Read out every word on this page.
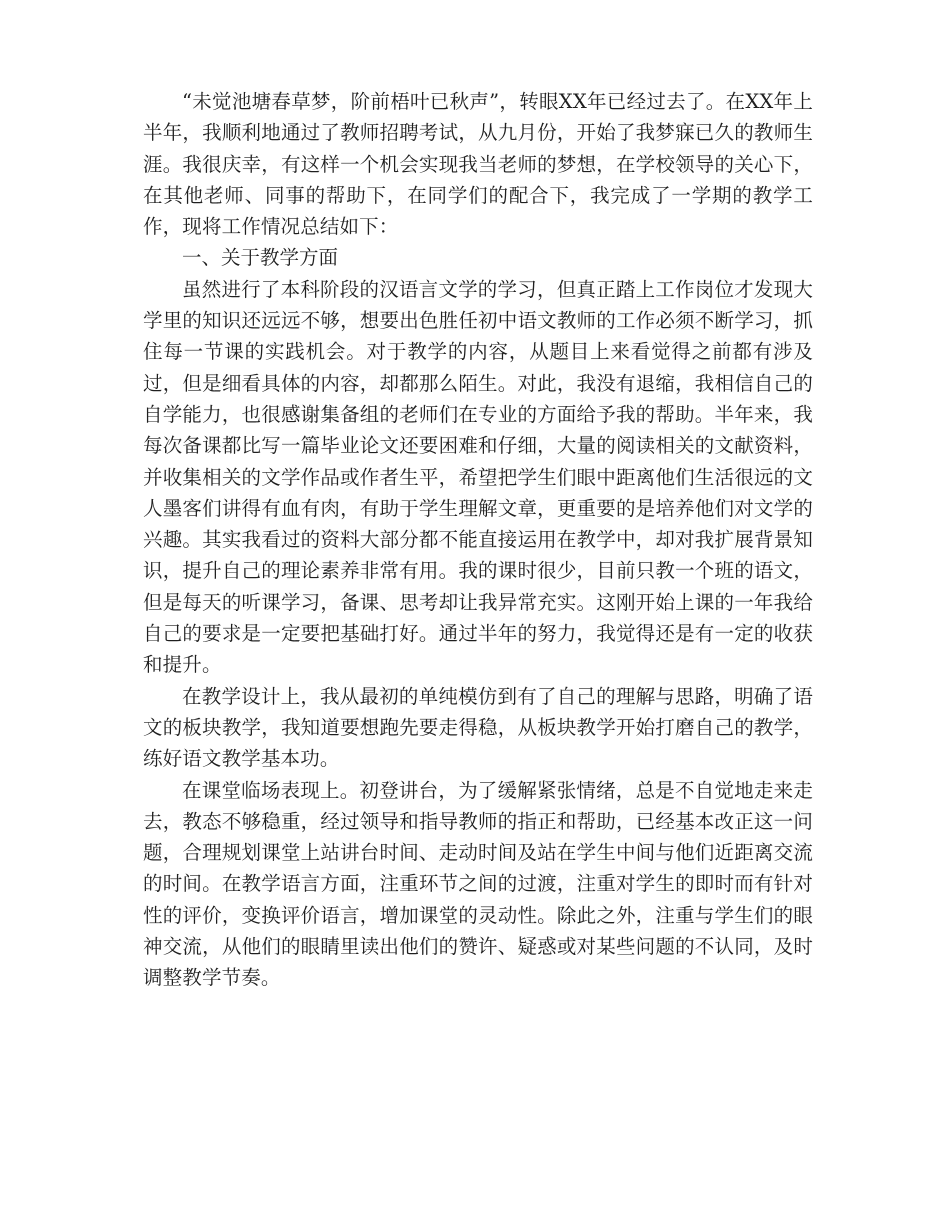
“未觉池塘春草梦，阶前梧叶已秋声”，转眼XX年已经过去了。在XX年上半年，我顺利地通过了教师招聘考试，从九月份，开始了我梦寐已久的教师生涯。我很庆幸，有这样一个机会实现我当老师的梦想，在学校领导的关心下，在其他老师、同事的帮助下，在同学们的配合下，我完成了一学期的教学工作，现将工作情况总结如下：

一、关于教学方面

虽然进行了本科阶段的汉语言文学的学习，但真正踏上工作岗位才发现大学里的知识还远远不够，想要出色胜任初中语文教师的工作必须不断学习，抓住每一节课的实践机会。对于教学的内容，从题目上来看觉得之前都有涉及过，但是细看具体的内容，却都那么陌生。对此，我没有退缩，我相信自己的自学能力，也很感谢集备组的老师们在专业的方面给予我的帮助。半年来，我每次备课都比写一篇毕业论文还要困难和仔细，大量的阅读相关的文献资料，并收集相关的文学作品或作者生平，希望把学生们眼中距离他们生活很远的文人墨客们讲得有血有肉，有助于学生理解文章，更重要的是培养他们对文学的兴趣。其实我看过的资料大部分都不能直接运用在教学中，却对我扩展背景知识，提升自己的理论素养非常有用。我的课时很少，目前只教一个班的语文，但是每天的听课学习，备课、思考却让我异常充实。这刚开始上课的一年我给自己的要求是一定要把基础打好。通过半年的努力，我觉得还是有一定的收获和提升。

在教学设计上，我从最初的单纯模仿到有了自己的理解与思路，明确了语文的板块教学，我知道要想跑先要走得稳，从板块教学开始打磨自己的教学，练好语文教学基本功。

在课堂临场表现上。初登讲台，为了缓解紧张情绪，总是不自觉地走来走去，教态不够稳重，经过领导和指导教师的指正和帮助，已经基本改正这一问题，合理规划课堂上站讲台时间、走动时间及站在学生中间与他们近距离交流的时间。在教学语言方面，注重环节之间的过渡，注重对学生的即时而有针对性的评价，变换评价语言，增加课堂的灵动性。除此之外，注重与学生们的眼神交流，从他们的眼睛里读出他们的赞许、疑惑或对某些问题的不认同，及时调整教学节奏。
